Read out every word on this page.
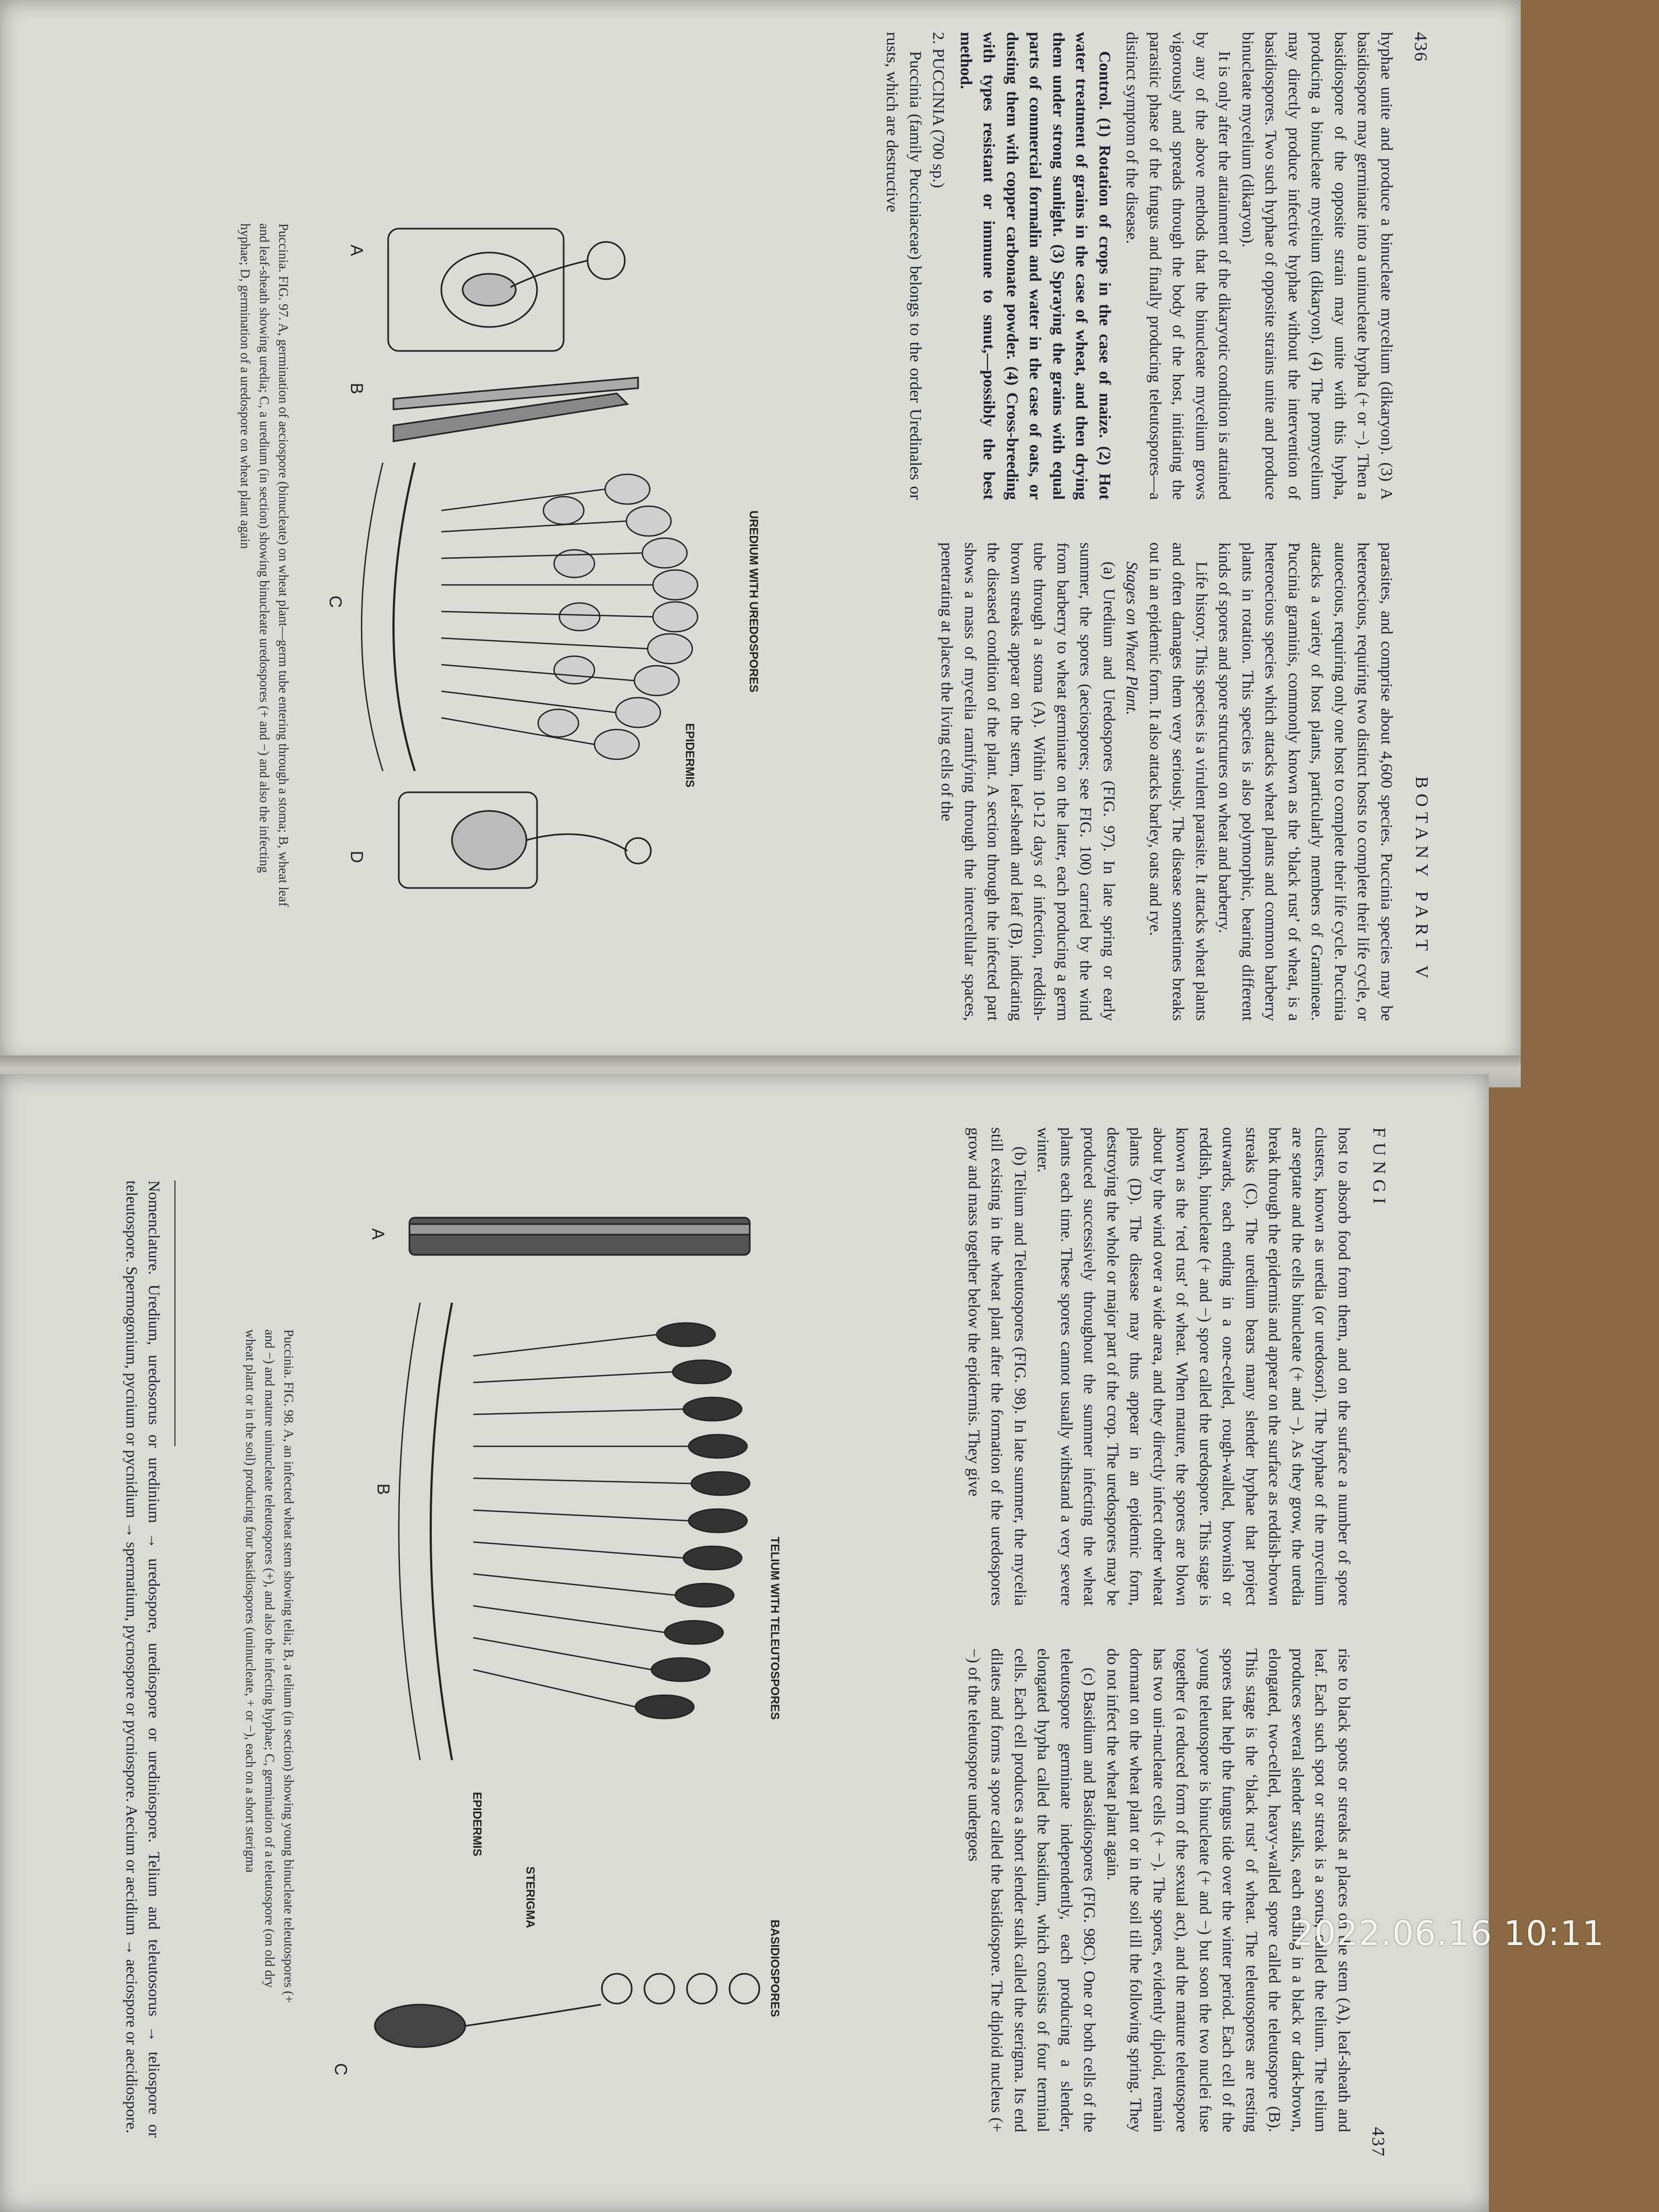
436
BOTANY PART V

hyphae unite and produce a binucleate mycelium (dikaryon). (3) A basidiospore may germinate into a uninucleate hypha (+ or −). Then a basidiospore of the opposite strain may unite with this hypha, producing a binucleate mycelium (dikaryon). (4) The promycelium may directly produce infective hyphae without the intervention of basidiospores. Two such hyphae of opposite strains unite and produce binucleate mycelium (dikaryon).

It is only after the attainment of the dikaryotic condition is attained by any of the above methods that the binucleate mycelium grows vigorously and spreads through the body of the host, initiating the parasitic phase of the fungus and finally producing teleutospores—a distinct symptom of the disease.

Control. (1) Rotation of crops in the case of maize. (2) Hot water treatment of grains in the case of wheat, and then drying them under strong sunlight. (3) Spraying the grains with equal parts of commercial formalin and water in the case of oats, or dusting them with copper carbonate powder. (4) Cross-breeding with types resistant or immune to smut,—possibly the best method.

2. PUCCINIA (700 sp.)

Puccinia (family Pucciniaceae) belongs to the order Uredinales or rusts, which are destructive

parasites, and comprise about 4,600 species. Puccinia species may be heteroecious, requiring two distinct hosts to complete their life cycle, or autoecious, requiring only one host to complete their life cycle. Puccinia attacks a variety of host plants, particularly members of Gramineae. Puccinia graminis, commonly known as the ‘black rust’ of wheat, is a heteroecious species which attacks wheat plants and common barberry plants in rotation. This species is also polymorphic, bearing different kinds of spores and spore structures on wheat and barberry.

Life history. This species is a virulent parasite. It attacks wheat plants and often damages them very seriously. The disease sometimes breaks out in an epidemic form. It also attacks barley, oats and rye.

Stages on Wheat Plant.

(a) Uredium and Uredospores (FIG. 97). In late spring or early summer, the spores (aeciospores; see FIG. 100) carried by the wind from barberry to wheat germinate on the latter, each producing a germ tube through a stoma (A). Within 10-12 days of infection, reddish-brown streaks appear on the stem, leaf-sheath and leaf (B), indicating the diseased condition of the plant. A section through the infected part shows a mass of mycelia ramifying through the intercellular spaces, penetrating at places the living cells of the

UREDIUM WITH UREDOSPORES
A
B
C
D
EPIDERMIS
Puccinia. FIG. 97. A, germination of aeciospore (binucleate) on wheat plant—germ tube entering through a stoma; B, wheat leaf and leaf-sheath showing uredia; C, a uredium (in section) showing binucleate uredospores (+ and −) and also the infecting hyphae; D, germination of a uredospore on wheat plant again
FUNGI
437

host to absorb food from them, and on the surface a number of spore clusters, known as uredia (or uredosori). The hyphae of the mycelium are septate and the cells binucleate (+ and −). As they grow, the uredia break through the epidermis and appear on the surface as reddish-brown streaks (C). The uredium bears many slender hyphae that project outwards, each ending in a one-celled, rough-walled, brownish or reddish, binucleate (+ and −) spore called the uredospore. This stage is known as the ‘red rust’ of wheat. When mature, the spores are blown about by the wind over a wide area, and they directly infect other wheat plants (D). The disease may thus appear in an epidemic form, destroying the whole or major part of the crop. The uredospores may be produced successively throughout the summer infecting the wheat plants each time. These spores cannot usually withstand a very severe winter.

(b) Telium and Teleutospores (FIG. 98). In late summer, the mycelia still existing in the wheat plant after the formation of the uredospores grow and mass together below the epidermis. They give

rise to black spots or streaks at places on the stem (A), leaf-sheath and leaf. Each such spot or streak is a sorus, called the telium. The telium produces several slender stalks, each ending in a black or dark-brown, elongated, two-celled, heavy-walled spore called the teleutospore (B). This stage is the ‘black rust’ of wheat. The teleutospores are resting spores that help the fungus tide over the winter period. Each cell of the young teleutospore is binucleate (+ and −) but soon the two nuclei fuse together (a reduced form of the sexual act), and the mature teleutospore has two uni-nucleate cells (+ −). The spores, evidently diploid, remain dormant on the wheat plant or in the soil till the following spring. They do not infect the wheat plant again.

(c) Basidium and Basidiospores (FIG. 98C). One or both cells of the teleutospore germinate independently, each producing a slender, elongated hypha called the basidium, which consists of four terminal cells. Each cell produces a short slender stalk called the sterigma. Its end dilates and forms a spore called the basidiospore. The diploid nucleus (+−) of the teleutospore undergoes

TELIUM WITH TELEUTOSPORES
A
B
C
EPIDERMIS
STERIGMA
BASIDIOSPORES
Puccinia. FIG. 98. A, an infected wheat stem showing telia; B, a telium (in section) showing young binucleate teleutospores (+ and −) and mature uninucleate teleutospores (+), and also the infecting hyphae; C, germination of a teleutospore (on old dry wheat plant or in the soil) producing four basidiospores (uninucleate, + or −), each on a short sterigma
Nomenclature. Uredium, uredosorus or uredinium → uredospore, urediospore or urediniospore. Telium and teleutosorus → teliospore or teleutospore. Spermogonium, pycnium or pycnidium → spermatium, pycnospore or pycniospore. Aecium or aecidium → aeciospore or aecidiospore.	2022.06.16 10:11
